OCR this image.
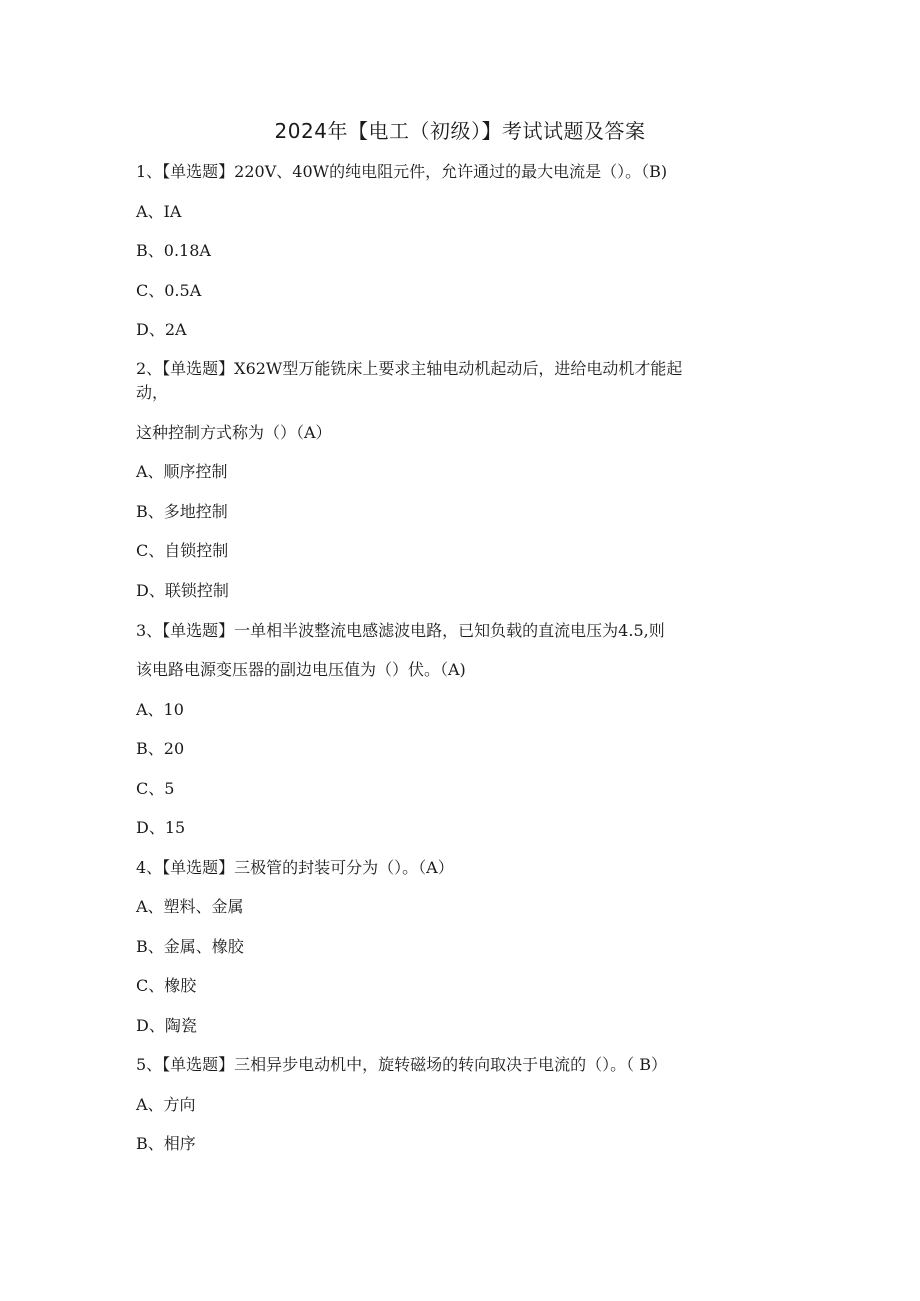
2024年【电工（初级）】考试试题及答案

1、【单选题】220V、40W的纯电阻元件，允许通过的最大电流是（）。（B)

A、IA

B、0.18A

C、0.5A

D、2A

2、【单选题】X62W型万能铣床上要求主轴电动机起动后，进给电动机才能起

动，

这种控制方式称为（）（A）

A、顺序控制

B、多地控制

C、自锁控制

D、联锁控制

3、【单选题】一单相半波整流电感滤波电路，已知负载的直流电压为4.5,则

该电路电源变压器的副边电压值为（）伏。（A)

A、10

B、20

C、5

D、15

4、【单选题】三极管的封装可分为（）。（A）

A、塑料、金属

B、金属、橡胶

C、橡胶

D、陶瓷

5、【单选题】三相异步电动机中，旋转磁场的转向取决于电流的（）。（ B）

A、方向

B、相序
